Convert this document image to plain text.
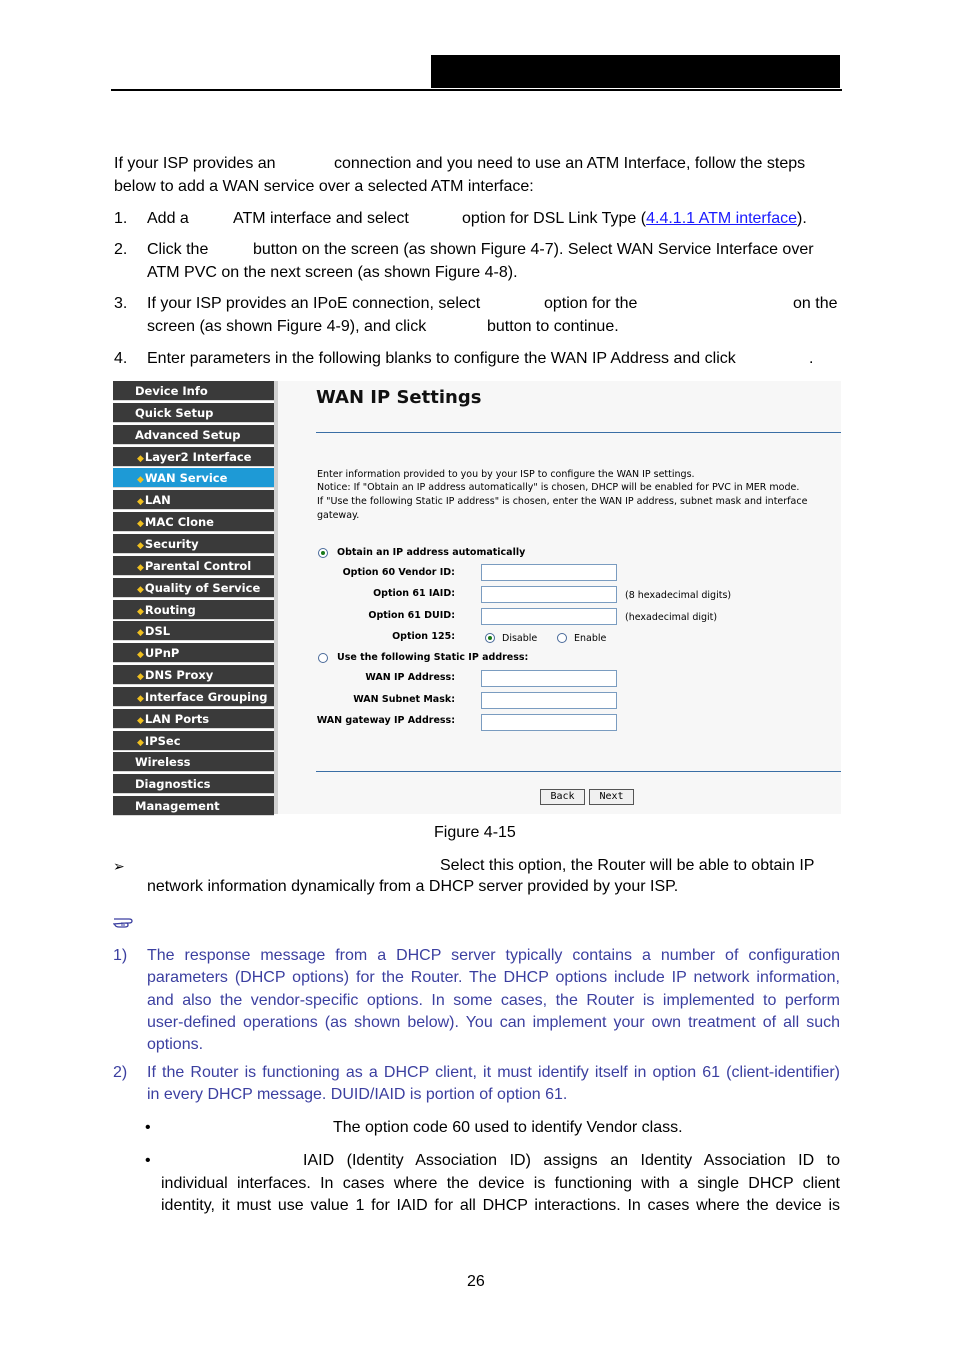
If your ISP provides an	connection and you need to use an ATM Interface, follow the steps
below to add a WAN service over a selected ATM interface:
1. Add a	ATM interface and select	option for DSL Link Type (4.4.1.1 ATM interface).
2. Click the	button on the screen (as shown Figure 4-7). Select WAN Service Interface over
ATM PVC on the next screen (as shown Figure 4-8).
3. If your ISP provides an IPoE connection, select	option for the	on the
screen (as shown Figure 4-9), and click	button to continue.
4. Enter parameters in the following blanks to configure the WAN IP Address and click	.
Device Info
Quick Setup
Advanced Setup
◆Layer2 Interface
◆WAN Service
◆LAN
◆MAC Clone
◆Security
◆Parental Control
◆Quality of Service
◆Routing
◆DSL
◆UPnP
◆DNS Proxy
◆Interface Grouping
◆LAN Ports
◆IPSec
Wireless
Diagnostics
Management
WAN IP Settings
Enter information provided to you by your ISP to configure the WAN IP settings.
Notice: If "Obtain an IP address automatically" is chosen, DHCP will be enabled for PVC in MER mode.
If "Use the following Static IP address" is chosen, enter the WAN IP address, subnet mask and interface
gateway.
Obtain an IP address automatically
Option 60 Vendor ID:
Option 61 IAID:	(8 hexadecimal digits)
Option 61 DUID:	(hexadecimal digit)
Option 125:	Disable	Enable
Use the following Static IP address:
WAN IP Address:
WAN Subnet Mask:
WAN gateway IP Address:
Back	Next
Figure 4-15
➢	Select this option, the Router will be able to obtain IP
network information dynamically from a DHCP server provided by your ISP.
1) The response message from a DHCP server typically contains a number of configuration
parameters (DHCP options) for the Router. The DHCP options include IP network information,
and also the vendor-specific options. In some cases, the Router is implemented to perform
user-defined operations (as shown below). You can implement your own treatment of all such
options.
2) If the Router is functioning as a DHCP client, it must identify itself in option 61 (client-identifier)
in every DHCP message. DUID/IAID is portion of option 61.
•	The option code 60 used to identify Vendor class.
•	IAID (Identity Association ID) assigns an Identity Association ID to
individual interfaces. In cases where the device is functioning with a single DHCP client
identity, it must use value 1 for IAID for all DHCP interactions. In cases where the device is
26
